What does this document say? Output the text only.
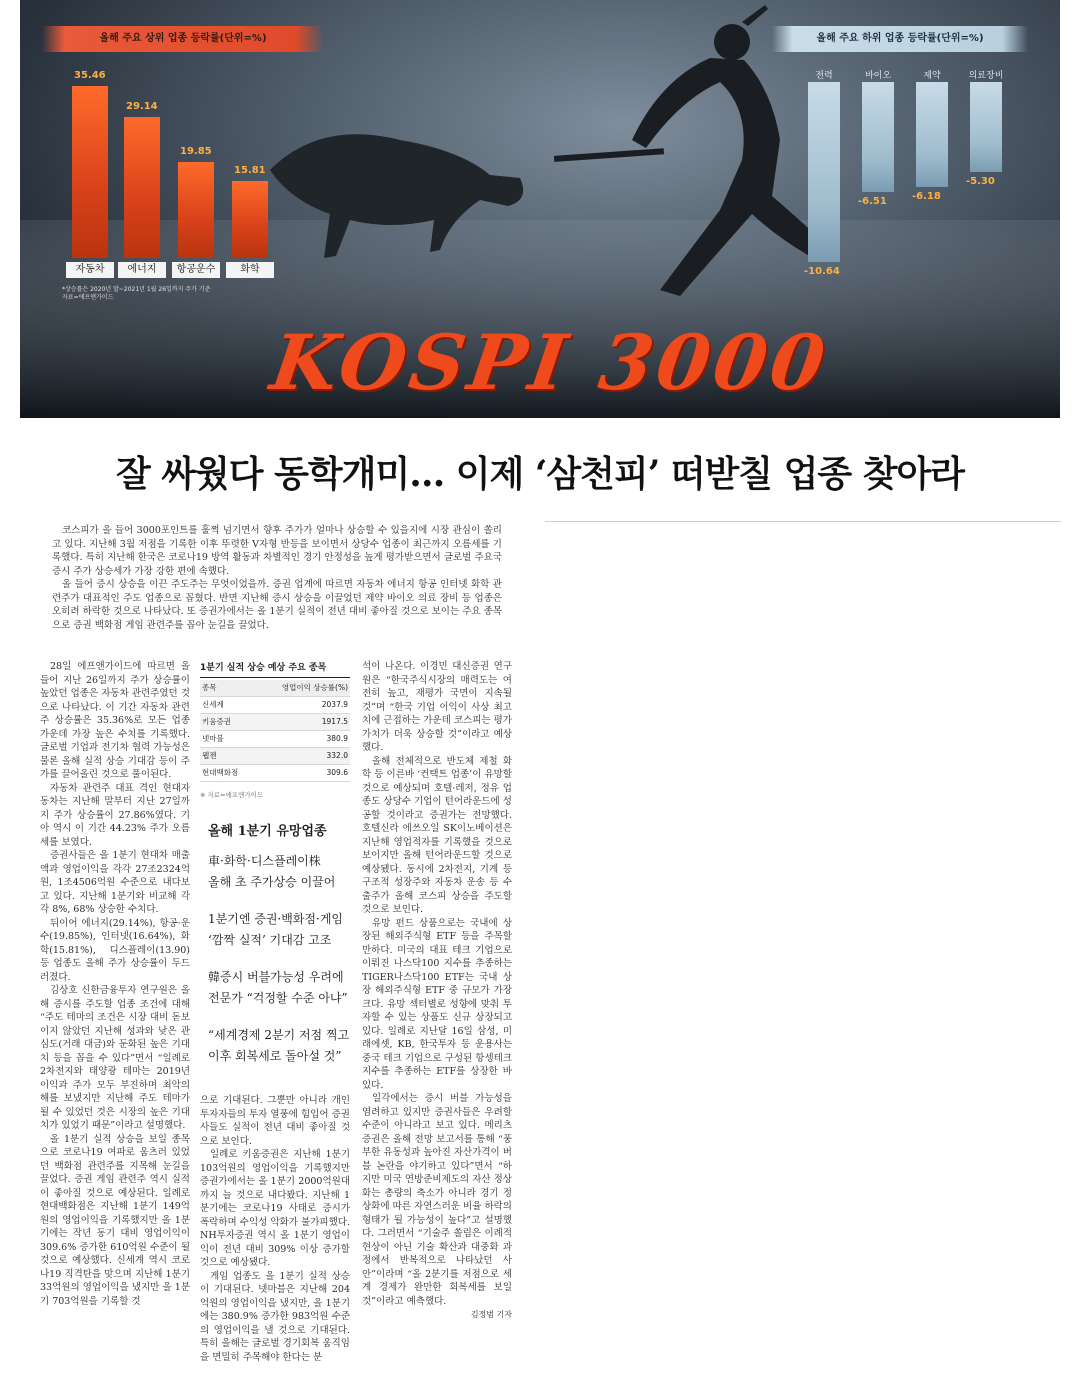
올해 주요 상위 업종 등락률(단위=%)	올해 주요 하위 업종 등락률(단위=%)
35.46
자동차
29.14
에너지
19.85
항공운수
15.81
화학
전력
-10.64
바이오
-6.51
제약
-6.18
의료장비
-5.30
*상승률은 2020년 말~2021년 1월 26일까지 주가 기준
자료=에프앤가이드
KOSPI 3000
잘 싸웠다 동학개미… 이제 ‘삼천피’ 떠받칠 업종 찾아라

코스피가 올 들어 3000포인트를 훌쩍 넘기면서 향후 주가가 얼마나 상승할 수 있을지에 시장 관심이 쏠리고 있다. 지난해 3월 저점을 기록한 이후 뚜렷한 V자형 반등을 보이면서 상당수 업종이 최근까지 오름세를 기록했다. 특히 지난해 한국은 코로나19 방역 활동과 차별적인 경기 안정성을 높게 평가받으면서 글로벌 주요국 증시 주가 상승세가 가장 강한 편에 속했다.

올 들어 증시 상승을 이끈 주도주는 무엇이었을까. 증권 업계에 따르면 자동차 에너지 항공 인터넷 화학 관련주가 대표적인 주도 업종으로 꼽혔다. 반면 지난해 증시 상승을 이끌었던 제약 바이오 의료 장비 등 업종은 오히려 하락한 것으로 나타났다. 또 증권가에서는 올 1분기 실적이 전년 대비 좋아질 것으로 보이는 주요 종목으로 증권 백화점 게임 관련주를 꼽아 눈길을 끌었다.

28일 에프앤가이드에 따르면 올 들어 지난 26일까지 주가 상승률이 높았던 업종은 자동차 관련주였던 것으로 나타났다. 이 기간 자동차 관련주 상승률은 35.36%로 모든 업종 가운데 가장 높은 수치를 기록했다. 글로벌 기업과 전기차 협력 가능성은 물론 올해 실적 상승 기대감 등이 주가를 끌어올린 것으로 풀이된다.

자동차 관련주 대표 격인 현대자동차는 지난해 말부터 지난 27일까지 주가 상승률이 27.86%였다. 기아 역시 이 기간 44.23% 주가 오름세를 보였다.

증권사들은 올 1분기 현대차 매출액과 영업이익을 각각 27조2324억원, 1조4506억원 수준으로 내다보고 있다. 지난해 1분기와 비교해 각각 8%, 68% 상승한 수치다.

뒤이어 에너지(29.14%), 항공·운수(19.85%), 인터넷(16.64%), 화학(15.81%), 디스플레이(13.90) 등 업종도 올해 주가 상승률이 두드러졌다.

김상호 신한금융투자 연구원은 올해 증시를 주도할 업종 조건에 대해 “주도 테마의 조건은 시장 대비 돋보이지 않았던 지난해 성과와 낮은 관심도(거래 대금)와 둔화된 높은 기대치 등을 꼽을 수 있다”면서 “일례로 2차전지와 태양광 테마는 2019년 이익과 주가 모두 부진하며 최악의 해를 보냈지만 지난해 주도 테마가 될 수 있었던 것은 시장의 높은 기대치가 있었기 때문”이라고 설명했다.

올 1분기 실적 상승을 보일 종목으로 코로나19 여파로 움츠러 있었던 백화점 관련주를 지목해 눈길을 끌었다. 증권 게임 관련주 역시 실적이 좋아질 것으로 예상된다. 일례로 현대백화점은 지난해 1분기 149억원의 영업이익을 기록했지만 올 1분기에는 작년 동기 대비 영업이익이 309.6% 증가한 610억원 수준이 될 것으로 예상했다. 신세계 역시 코로나19 직격탄을 맞으며 지난해 1분기 33억원의 영업이익을 냈지만 올 1분기 703억원을 기록할 것

1분기 실적 상승 예상 주요 종목
종목	영업이익 상승률(%)
신세계	2037.9
키움증권	1917.5
넷마블	380.9
웹젠	332.0
현대백화점	309.6
※ 자료=에프앤가이드
올해 1분기 유망업종
車·화학·디스플레이株
올해 초 주가상승 이끌어
1분기엔 증권·백화점·게임
‘깜짝 실적’ 기대감 고조
韓증시 버블가능성 우려에
전문가 “걱정할 수준 아냐”
“세계경제 2분기 저점 찍고
이후 회복세로 돌아설 것”

으로 기대된다. 그뿐만 아니라 개인 투자자들의 투자 열풍에 힘입어 증권사들도 실적이 전년 대비 좋아질 것으로 보인다.

일례로 키움증권은 지난해 1분기 103억원의 영업이익을 기록했지만 증권가에서는 올 1분기 2000억원대까지 늘 것으로 내다봤다. 지난해 1분기에는 코로나19 사태로 증시가 폭락하며 수익성 악화가 불가피했다. NH투자증권 역시 올 1분기 영업이익이 전년 대비 309% 이상 증가할 것으로 예상됐다.

게임 업종도 올 1분기 실적 상승이 기대된다. 넷마블은 지난해 204억원의 영업이익을 냈지만, 올 1분기에는 380.9% 증가한 983억원 수준의 영업이익을 낼 것으로 기대된다. 특히 올해는 글로벌 경기회복 움직임을 면밀히 주목해야 한다는 분

석이 나온다. 이경민 대신증권 연구원은 “한국주식시장의 매력도는 여전히 높고, 재평가 국면이 지속될 것”며 “한국 기업 이익이 사상 최고치에 근접하는 가운데 코스피는 평가 가치가 더욱 상승할 것”이라고 예상했다.

올해 전체적으로 반도체 제철 화학 등 이른바 ‘컨택트 업종’이 유망할 것으로 예상되며 호텔·레저, 정유 업종도 상당수 기업이 턴어라운드에 성공할 것이라고 증권가는 전망했다. 호텔신라 에쓰오일 SK이노베이션은 지난해 영업적자를 기록했을 것으로 보이지만 올해 턴어라운드할 것으로 예상됐다. 동시에 2차전지, 기계 등 구조적 성장주와 자동차 운송 등 수출주가 올해 코스피 상승을 주도할 것으로 보인다.

유망 펀드 상품으로는 국내에 상장된 해외주식형 ETF 등을 주목할 만하다. 미국의 대표 테크 기업으로 이뤄진 나스닥100 지수를 추종하는 TIGER나스닥100 ETF는 국내 상장 해외주식형 ETF 중 규모가 가장 크다. 유망 섹터별로 성향에 맞춰 투자할 수 있는 상품도 신규 상장되고 있다. 일례로 지난달 16일 삼성, 미래에셋, KB, 한국투자 등 운용사는 중국 테크 기업으로 구성된 항셍테크지수를 추종하는 ETF를 상장한 바 있다.

일각에서는 증시 버블 가능성을 염려하고 있지만 증권사들은 우려할 수준이 아니라고 보고 있다. 메리츠증권은 올해 전망 보고서를 통해 “풍부한 유동성과 높아진 자산가격이 버블 논란을 야기하고 있다”면서 “하지만 미국 연방준비제도의 자산 정상화는 총량의 축소가 아니라 경기 정상화에 따른 자연스러운 비율 하락의 형태가 될 가능성이 높다”고 설명했다. 그러면서 “기술주 쏠림은 이례적 현상이 아닌 기술 확산과 대중화 과정에서 반복적으로 나타났던 사안”이라며 “올 2분기를 저점으로 세계 경제가 완만한 회복세를 보일 것”이라고 예측했다.

김정범 기자
